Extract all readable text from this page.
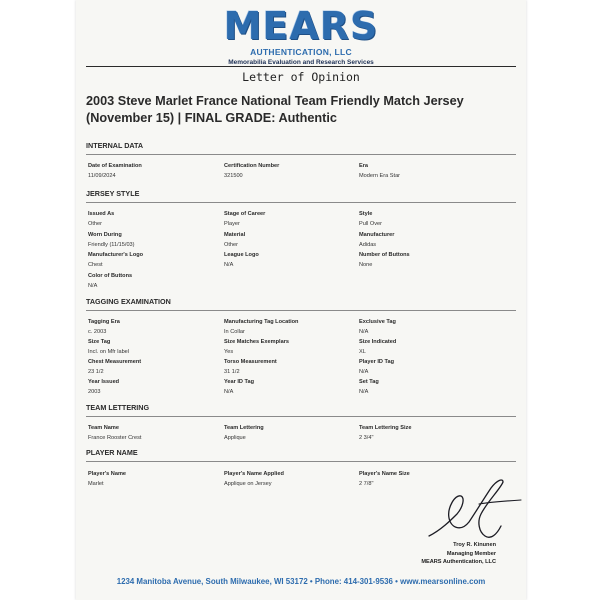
MEARS
AUTHENTICATION, LLC
Memorabilia Evaluation and Research Services
Letter of Opinion
2003 Steve Marlet France National Team Friendly Match Jersey (November 15) | FINAL GRADE: Authentic
INTERNAL DATA
Date of Examination
11/09/2024
Certification Number
321500
Era
Modern Era Star
JERSEY STYLE
Issued As
Other
Stage of Career
Player
Style
Pull Over
Worn During
Friendly (11/15/03)
Material
Other
Manufacturer
Adidas
Manufacturer's Logo
Chest
League Logo
N/A
Number of Buttons
None
Color of Buttons
N/A
TAGGING EXAMINATION
Tagging Era
c. 2003
Manufacturing Tag Location
In Collar
Exclusive Tag
N/A
Size Tag
Incl. on Mfr label
Size Matches Exemplars
Yes
Size Indicated
XL
Chest Measurement
23 1/2
Torso Measurement
31 1/2
Player ID Tag
N/A
Year Issued
2003
Year ID Tag
N/A
Set Tag
N/A
TEAM LETTERING
Team Name
France Rooster Crest
Team Lettering
Applique
Team Lettering Size
2 3/4"
PLAYER NAME
Player's Name
Marlet
Player's Name Applied
Applique on Jersey
Player's Name Size
2 7/8"
Troy R. Kinunen
Managing Member
MEARS Authentication, LLC
1234 Manitoba Avenue, South Milwaukee, WI 53172 • Phone: 414-301-9536 • www.mearsonline.com
